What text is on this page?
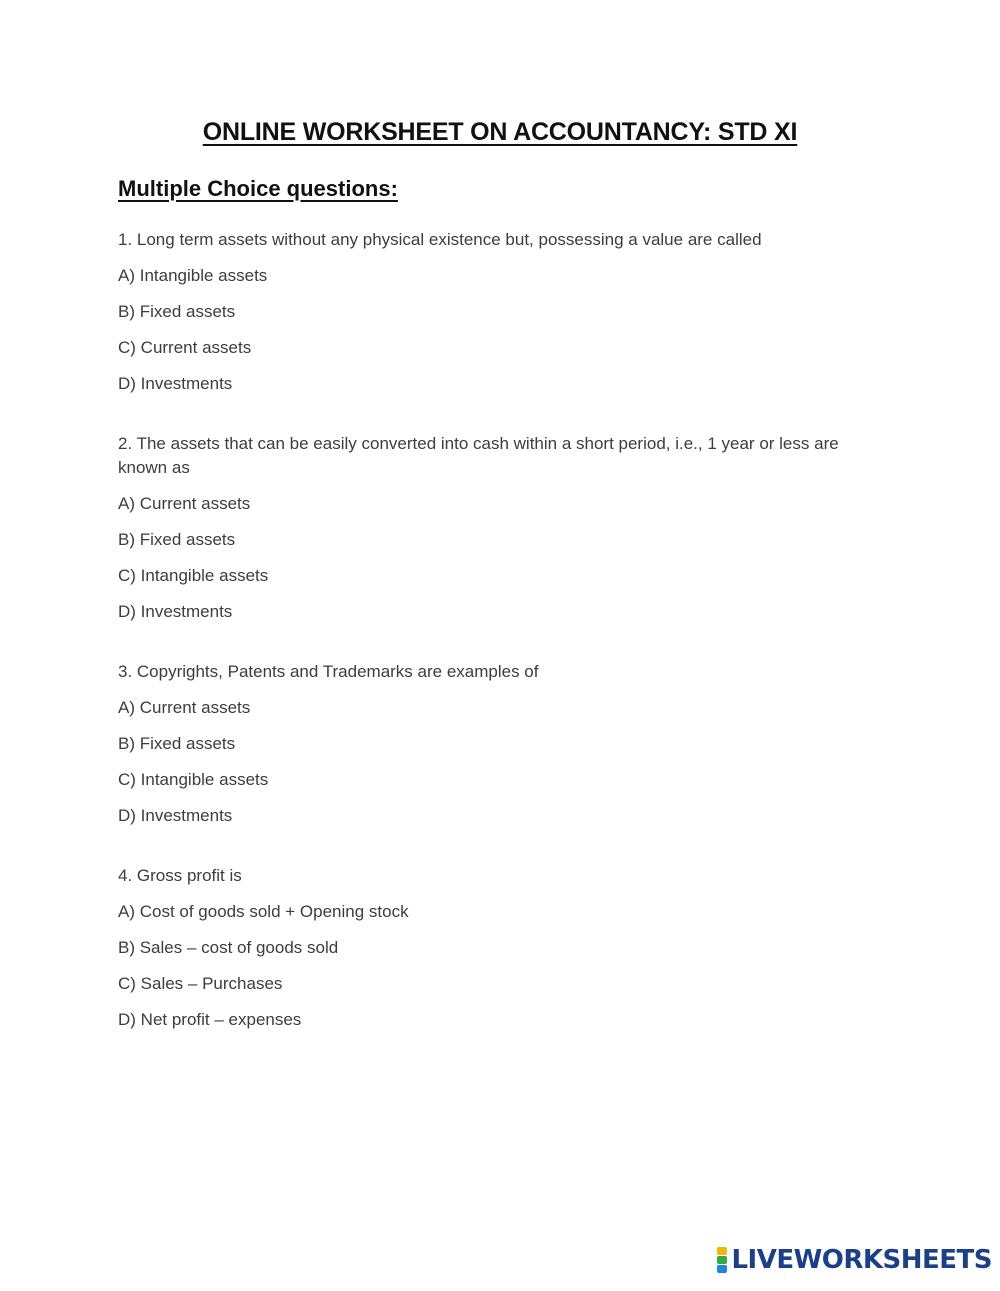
ONLINE WORKSHEET ON ACCOUNTANCY: STD XI
Multiple Choice questions:
1. Long term assets without any physical existence but, possessing a value are called
A) Intangible assets
B) Fixed assets
C) Current assets
D) Investments
2. The assets that can be easily converted into cash within a short period, i.e., 1 year or less are known as
A) Current assets
B) Fixed assets
C) Intangible assets
D) Investments
3. Copyrights, Patents and Trademarks are examples of
A) Current assets
B) Fixed assets
C) Intangible assets
D) Investments
4. Gross profit is
A) Cost of goods sold + Opening stock
B) Sales – cost of goods sold
C) Sales – Purchases
D) Net profit – expenses
LIVEWORKSHEETS
